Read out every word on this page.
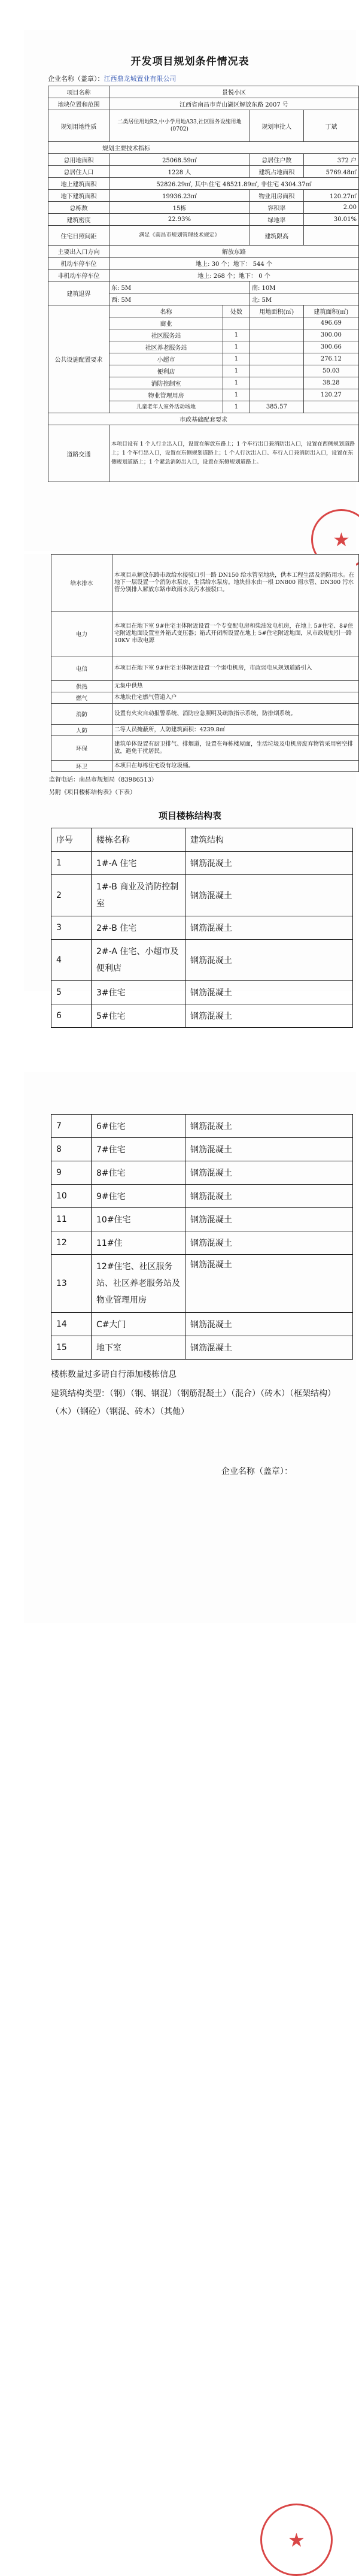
开发项目规划条件情况表
企业名称（盖章）：江西鼎龙城置业有限公司
项目名称	景悦小区			
地块位置和范围	江西省南昌市青山湖区解放东路 2007 号			
规划用地性质	二类居住用地R2,中小学用地A33,社区服务设施用地(0702)		规划审批人	丁斌
规划主要技术指标				
总用地面积	25068.59㎡		总居住户数	372 户
总居住人口	1228 人		建筑占地面积	5769.48㎡
地上建筑面积	52826.29㎡, 其中:住宅 48521.89㎡, 非住宅 4304.37㎡			
地下建筑面积	19936.23㎡		物业用房面积	120.27㎡
总栋数	15栋		容积率	2.00
建筑密度	22.93%		绿地率	30.01%
住宅日照间距	满足《南昌市规划管理技术规定》		建筑限高	
主要出入口方向	解放东路			
机动车停车位	地上: 30 个；地下： 544 个			
非机动车停车位	地上: 268 个；地下： 0 个			
建筑退界	东: 5M		南: 10M	
	西: 5M		北: 5M	
公共设施配置要求	名称	处数	用地面积(㎡)	建筑面积(㎡)
	商业			496.69
	社区服务站	1		300.00
	社区养老服务站	1		300.66
	小超市	1		276.12
	便利店	1		50.03
	消防控制室	1		38.28
	物业管理用房	1		120.27
	儿童老年人室外活动场地	1	385.57	
市政基础配套要求				
道路交通	本项目设有 1 个人行主出入口，设置在解放东路上；1 个车行出口兼消防出入口，设置在西侧规划道路上；1 个车行出入口，设置在东侧规划道路上；1 个人行次出入口、车行入口兼消防出入口，设置在东侧规划道路上；1 个紧急消防出入口，设置在东侧规划道路上。			
★
给水排水	本项目从解放东路市政给水接驳口引一路 DN150 给水管至地块，供本工程生活及消防用水。在地下一层设置一个消防水泵房、生活给水泵房。地块排水由一根 DN800 雨水管、DN300 污水管分别排入解放东路市政雨水及污水接驳口。
电力	本项目在地下室 9#住宅主体附近设置一个专变配电房和柴油发电机房，在地上 5#住宅、8#住宅附近地面设置室外箱式变压器；箱式开闭所设置在地上 5#住宅附近地面，从市政规划引一路 10KV 市政电源
电信	本项目在地下室 9#住宅主体附近设置一个弱电机房，市政弱电从规划道路引入
供热	无集中供热
燃气	本地块住宅燃气管道入户
消防	设置有火灾自动报警系统、消防应急照明及疏散指示系统，防排烟系统。
人防	二等人员掩蔽所，人防建筑面积：4239.8㎡
环保	建筑单体设置有厨卫排气、排烟道，设置在每栋楼屋面，生活垃圾及电机房废弃物管采用密空排放，避免干扰居民。
环卫	本项目在每栋住宅设有垃圾桶。
监督电话：南昌市规划局（83986513）
另附《项目楼栋结构表》（下表）
项目楼栋结构表
序号	楼栋名称	建筑结构
1	1#-A 住宅	钢筋混凝土
2	1#-B 商业及消防控制室	钢筋混凝土
3	2#-B 住宅	钢筋混凝土
4	2#-A 住宅、小超市及便利店	钢筋混凝土
5	3#住宅	钢筋混凝土
6	5#住宅	钢筋混凝土
7	6#住宅	钢筋混凝土
8	7#住宅	钢筋混凝土
9	8#住宅	钢筋混凝土
10	9#住宅	钢筋混凝土
11	10#住宅	钢筋混凝土
12	11#住	钢筋混凝土
13	12#住宅、社区服务站、社区养老服务站及物业管理用房	钢筋混凝土
14	C#大门	钢筋混凝土
15	地下室	钢筋混凝土
楼栋数量过多请自行添加楼栋信息
建筑结构类型：（钢）（钢、钢混）（钢筋混凝土）（混合）（砖木）（框架结构）（木）（钢砼）（钢混、砖木）（其他）
企业名称（盖章）：
★
